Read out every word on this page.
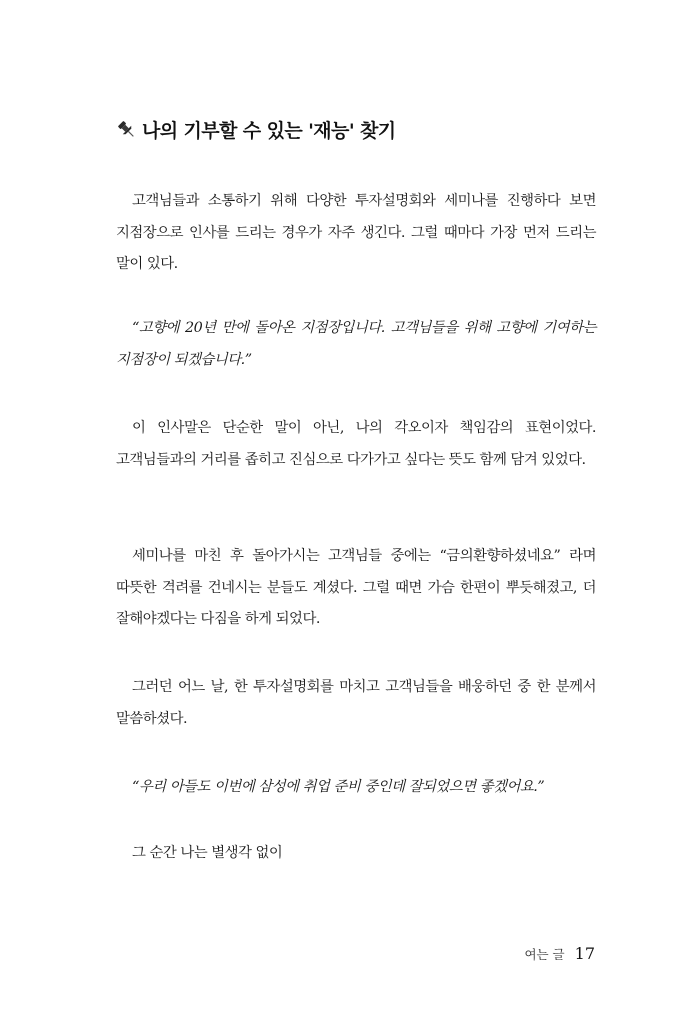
나의 기부할 수 있는 '재능' 찾기

고객님들과 소통하기 위해 다양한 투자설명회와 세미나를 진행하다 보면 지점장으로 인사를 드리는 경우가 자주 생긴다. 그럴 때마다 가장 먼저 드리는 말이 있다.

“고향에 20년 만에 돌아온 지점장입니다. 고객님들을 위해 고향에 기여하는 지점장이 되겠습니다.”

이 인사말은 단순한 말이 아닌, 나의 각오이자 책임감의 표현이었다. 고객님들과의 거리를 좁히고 진심으로 다가가고 싶다는 뜻도 함께 담겨 있었다.

세미나를 마친 후 돌아가시는 고객님들 중에는 “금의환향하셨네요” 라며 따뜻한 격려를 건네시는 분들도 계셨다. 그럴 때면 가슴 한편이 뿌듯해졌고, 더 잘해야겠다는 다짐을 하게 되었다.

그러던 어느 날, 한 투자설명회를 마치고 고객님들을 배웅하던 중 한 분께서 말씀하셨다.

“우리 아들도 이번에 삼성에 취업 준비 중인데 잘되었으면 좋겠어요.”

그 순간 나는 별생각 없이

여는 글 17
